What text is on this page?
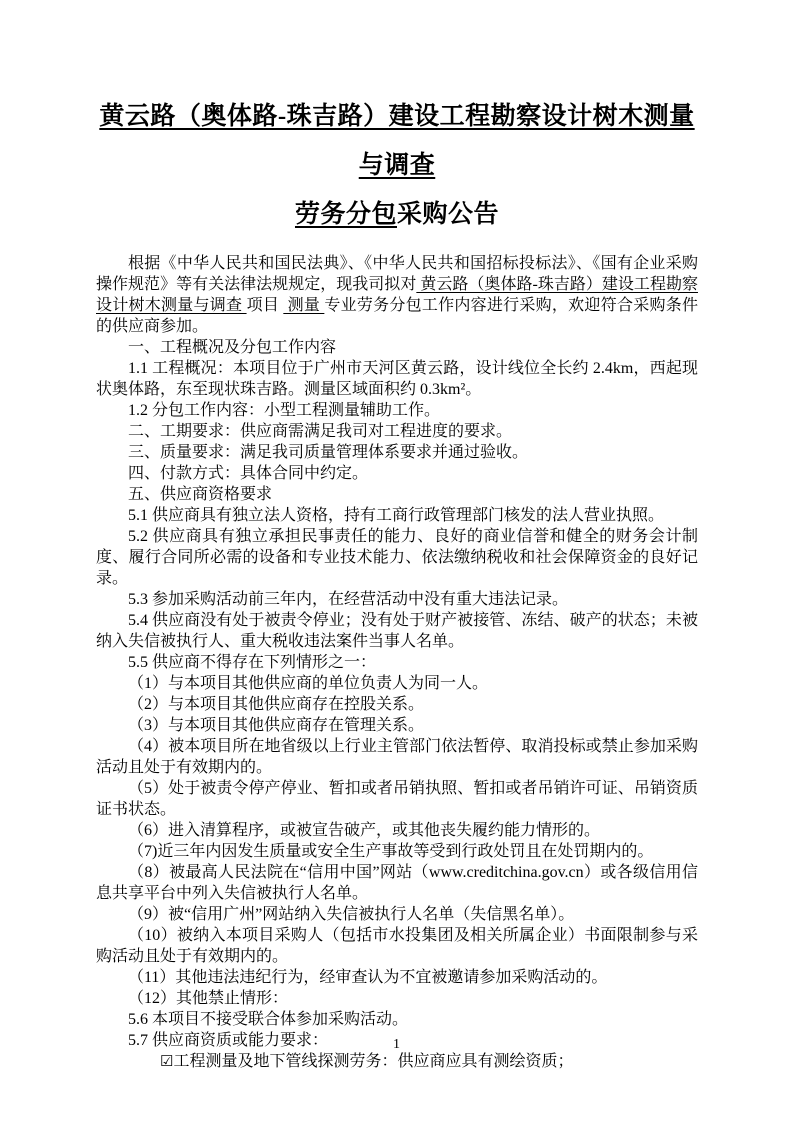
黄云路（奥体路-珠吉路）建设工程勘察设计树木测量与调查
劳务分包采购公告

根据《中华人民共和国民法典》、《中华人民共和国招标投标法》、《国有企业采购操作规范》等有关法律法规规定，现我司拟对 黄云路（奥体路-珠吉路）建设工程勘察设计树木测量与调查 项目  测量 专业劳务分包工作内容进行采购，欢迎符合采购条件的供应商参加。

一、工程概况及分包工作内容

1.1 工程概况：本项目位于广州市天河区黄云路，设计线位全长约 2.4km，西起现状奥体路，东至现状珠吉路。测量区域面积约 0.3km²。

1.2 分包工作内容：小型工程测量辅助工作。

二、工期要求：供应商需满足我司对工程进度的要求。

三、质量要求：满足我司质量管理体系要求并通过验收。

四、付款方式：具体合同中约定。

五、供应商资格要求

5.1 供应商具有独立法人资格，持有工商行政管理部门核发的法人营业执照。

5.2 供应商具有独立承担民事责任的能力、良好的商业信誉和健全的财务会计制度、履行合同所必需的设备和专业技术能力、依法缴纳税收和社会保障资金的良好记录。

5.3 参加采购活动前三年内，在经营活动中没有重大违法记录。

5.4 供应商没有处于被责令停业；没有处于财产被接管、冻结、破产的状态；未被纳入失信被执行人、重大税收违法案件当事人名单。

5.5 供应商不得存在下列情形之一：

（1）与本项目其他供应商的单位负责人为同一人。

（2）与本项目其他供应商存在控股关系。

（3）与本项目其他供应商存在管理关系。

（4）被本项目所在地省级以上行业主管部门依法暂停、取消投标或禁止参加采购活动且处于有效期内的。

（5）处于被责令停产停业、暂扣或者吊销执照、暂扣或者吊销许可证、吊销资质证书状态。

（6）进入清算程序，或被宣告破产，或其他丧失履约能力情形的。

（7)近三年内因发生质量或安全生产事故等受到行政处罚且在处罚期内的。

（8）被最高人民法院在“信用中国”网站（www.creditchina.gov.cn）或各级信用信息共享平台中列入失信被执行人名单。

（9）被“信用广州”网站纳入失信被执行人名单（失信黑名单）。

（10）被纳入本项目采购人（包括市水投集团及相关所属企业）书面限制参与采购活动且处于有效期内的。

（11）其他违法违纪行为，经审查认为不宜被邀请参加采购活动的。

（12）其他禁止情形：

5.6 本项目不接受联合体参加采购活动。

5.7 供应商资质或能力要求：

☑工程测量及地下管线探测劳务：供应商应具有测绘资质；

1
